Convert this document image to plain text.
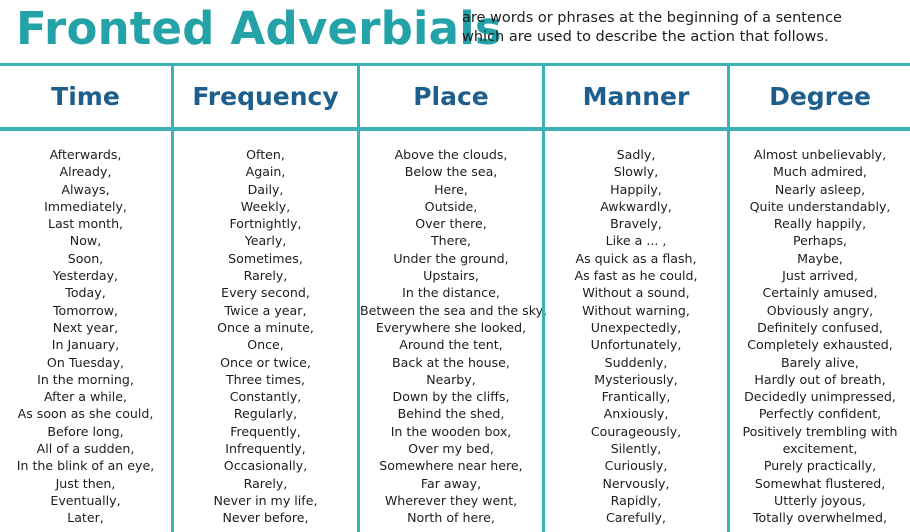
Fronted Adverbials
are words or phrases at the beginning of a sentence
which are used to describe the action that follows.
Time
Afterwards,
Already,
Always,
Immediately,
Last month,
Now,
Soon,
Yesterday,
Today,
Tomorrow,
Next year,
In January,
On Tuesday,
In the morning,
After a while,
As soon as she could,
Before long,
All of a sudden,
In the blink of an eye,
Just then,
Eventually,
Later,
Frequency
Often,
Again,
Daily,
Weekly,
Fortnightly,
Yearly,
Sometimes,
Rarely,
Every second,
Twice a year,
Once a minute,
Once,
Once or twice,
Three times,
Constantly,
Regularly,
Frequently,
Infrequently,
Occasionally,
Rarely,
Never in my life,
Never before,
Place
Above the clouds,
Below the sea,
Here,
Outside,
Over there,
There,
Under the ground,
Upstairs,
In the distance,
Between the sea and the sky,
Everywhere she looked,
Around the tent,
Back at the house,
Nearby,
Down by the cliffs,
Behind the shed,
In the wooden box,
Over my bed,
Somewhere near here,
Far away,
Wherever they went,
North of here,
Manner
Sadly,
Slowly,
Happily,
Awkwardly,
Bravely,
Like a ... ,
As quick as a flash,
As fast as he could,
Without a sound,
Without warning,
Unexpectedly,
Unfortunately,
Suddenly,
Mysteriously,
Frantically,
Anxiously,
Courageously,
Silently,
Curiously,
Nervously,
Rapidly,
Carefully,
Degree
Almost unbelievably,
Much admired,
Nearly asleep,
Quite understandably,
Really happily,
Perhaps,
Maybe,
Just arrived,
Certainly amused,
Obviously angry,
Definitely confused,
Completely exhausted,
Barely alive,
Hardly out of breath,
Decidedly unimpressed,
Perfectly confident,
Positively trembling with excitement,
Purely practically,
Somewhat flustered,
Utterly joyous,
Totally overwhelmed,
